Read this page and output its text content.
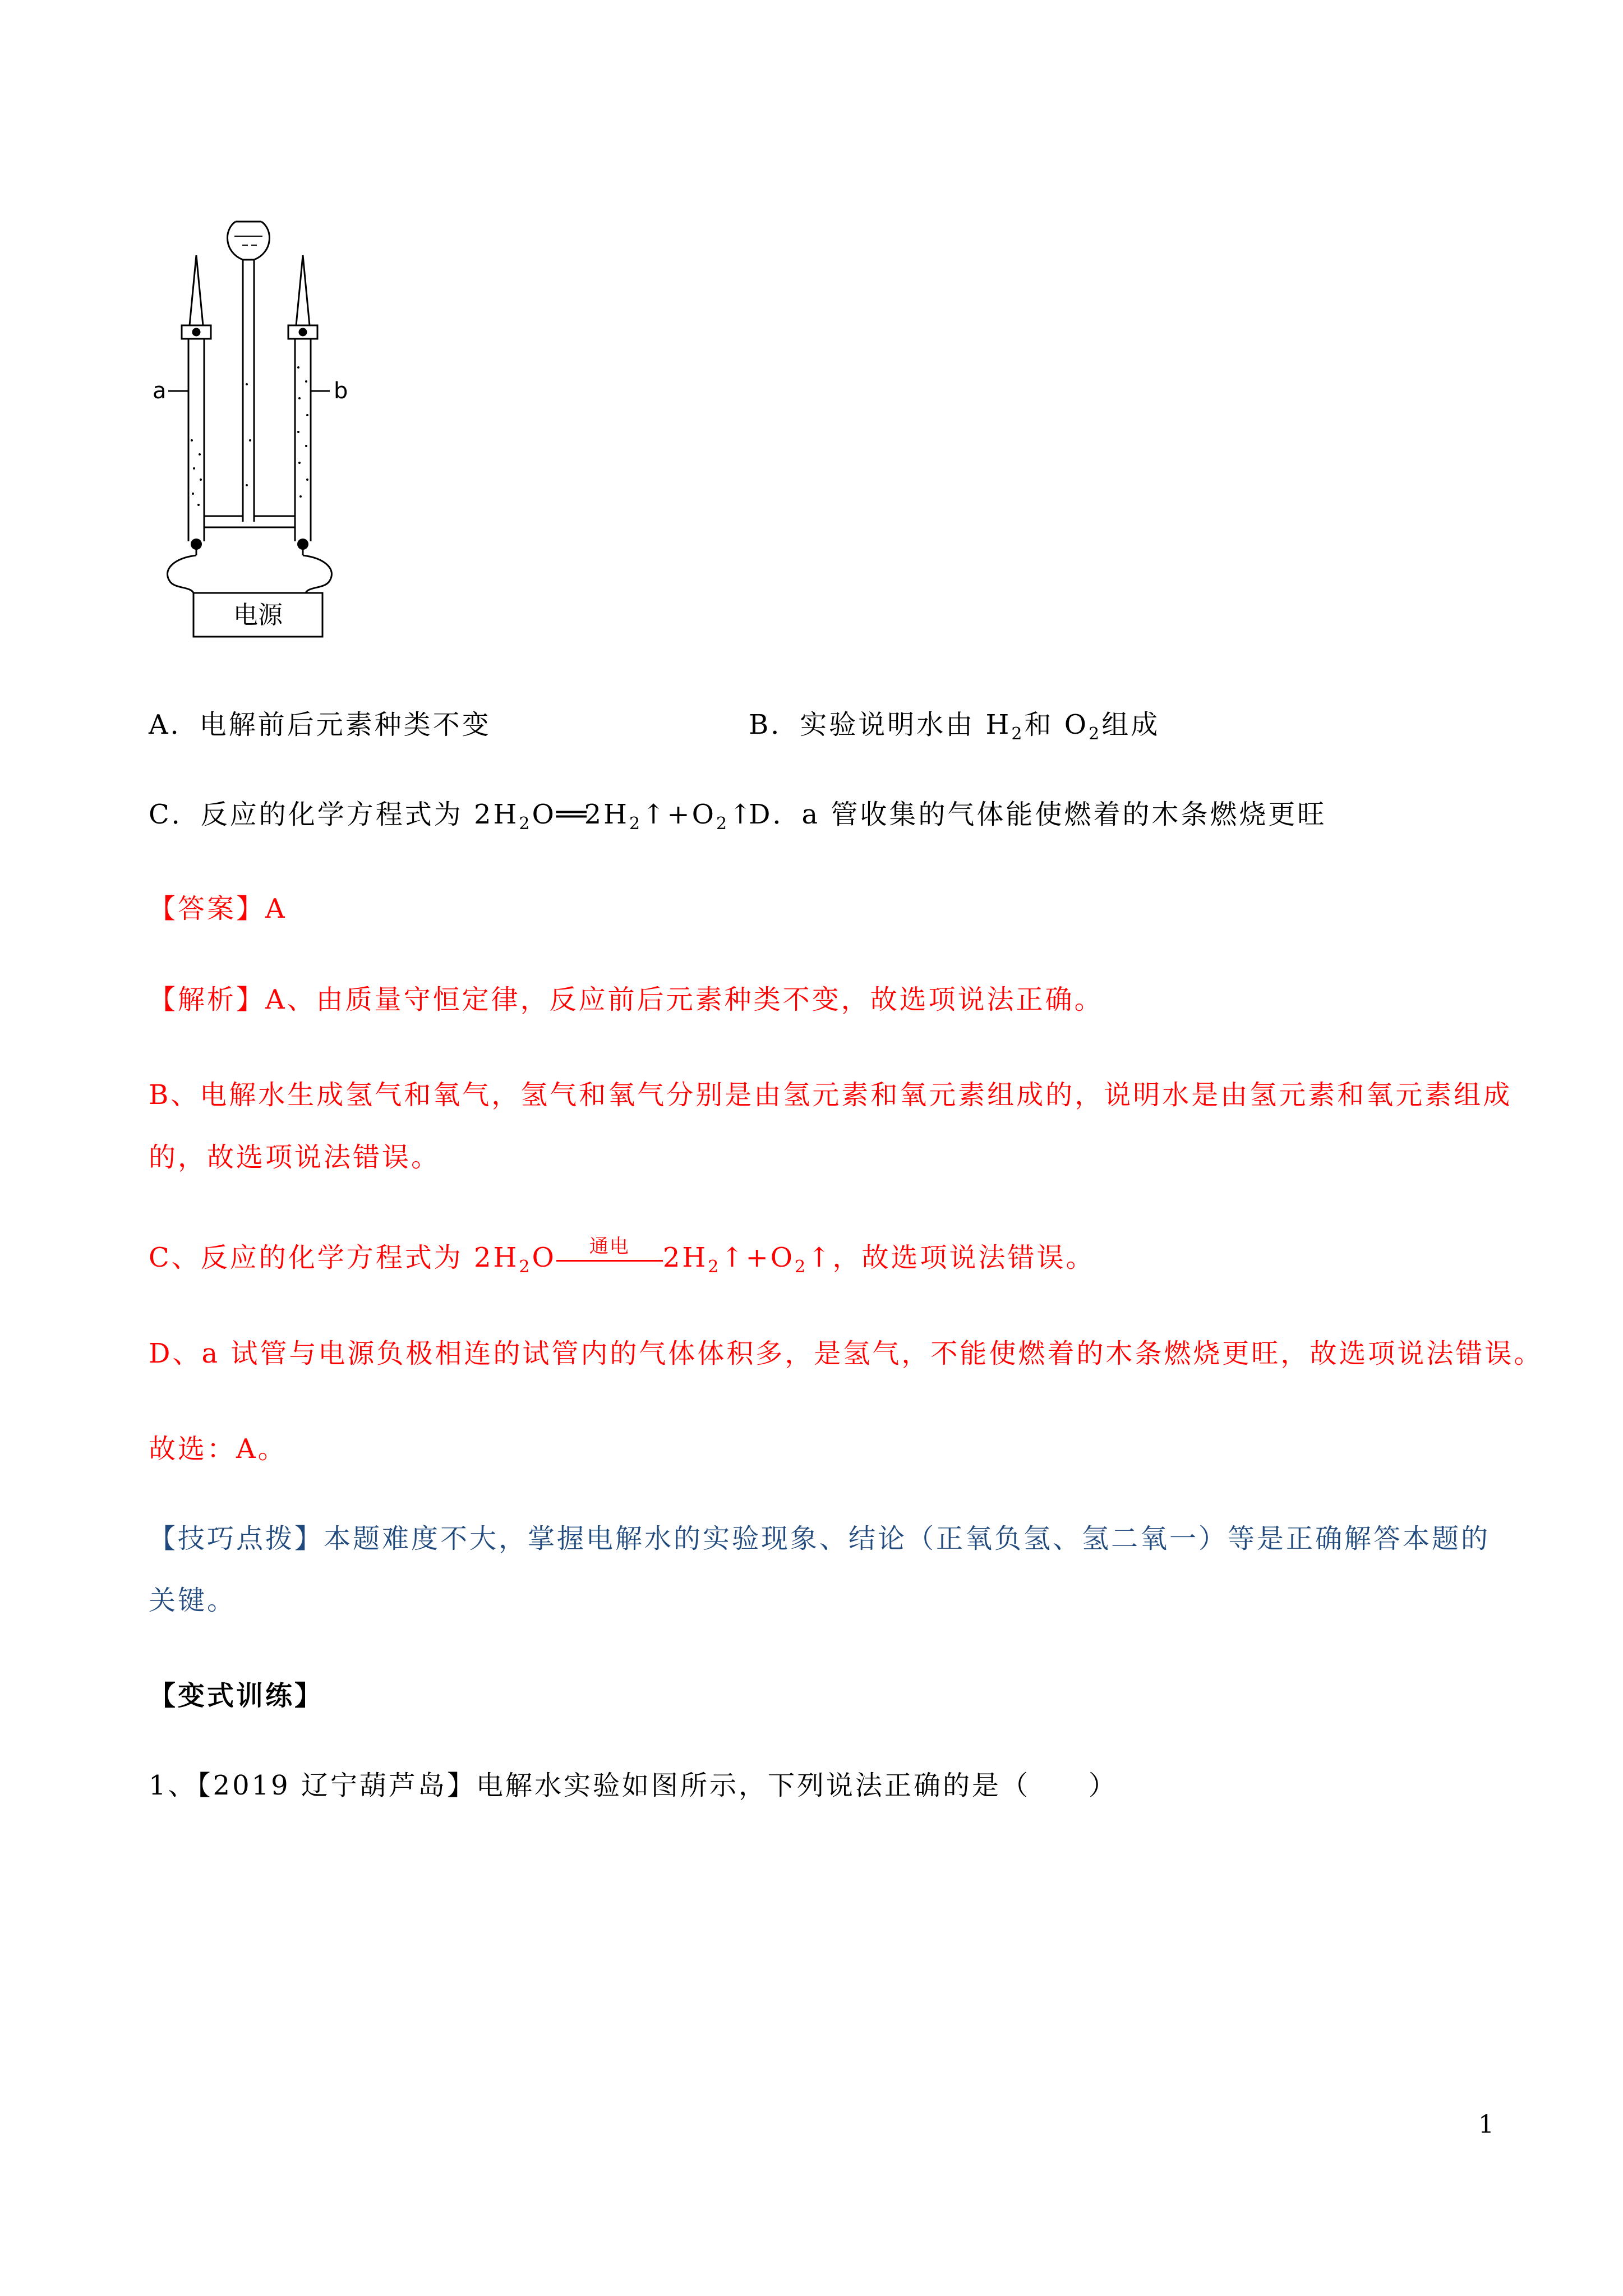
a	b
电源
A．电解前后元素种类不变	B．实验说明水由 $H_2$和 $O_2$组成
C．反应的化学方程式为 $2H_2O══2H_2↑+O_2↑$
D．a 管收集的气体能使燃着的木条燃烧更旺
【答案】A
【解析】A、由质量守恒定律，反应前后元素种类不变，故选项说法正确。
B、电解水生成氢气和氧气，氢气和氧气分别是由氢元素和氧元素组成的，说明水是由氢元素和氧元素组成
的，故选项说法错误。
C、反应的化学方程式为 $2H_2O$	通电	$2H_2↑+O_2↑$，故选项说法错误。
D、a 试管与电源负极相连的试管内的气体体积多，是氢气，不能使燃着的木条燃烧更旺，故选项说法错误。
故选：A。
【技巧点拨】本题难度不大，掌握电解水的实验现象、结论（正氧负氢、氢二氧一）等是正确解答本题的
关键。
【变式训练】
1、【2019 辽宁葫芦岛】电解水实验如图所示，下列说法正确的是（　　）
1
